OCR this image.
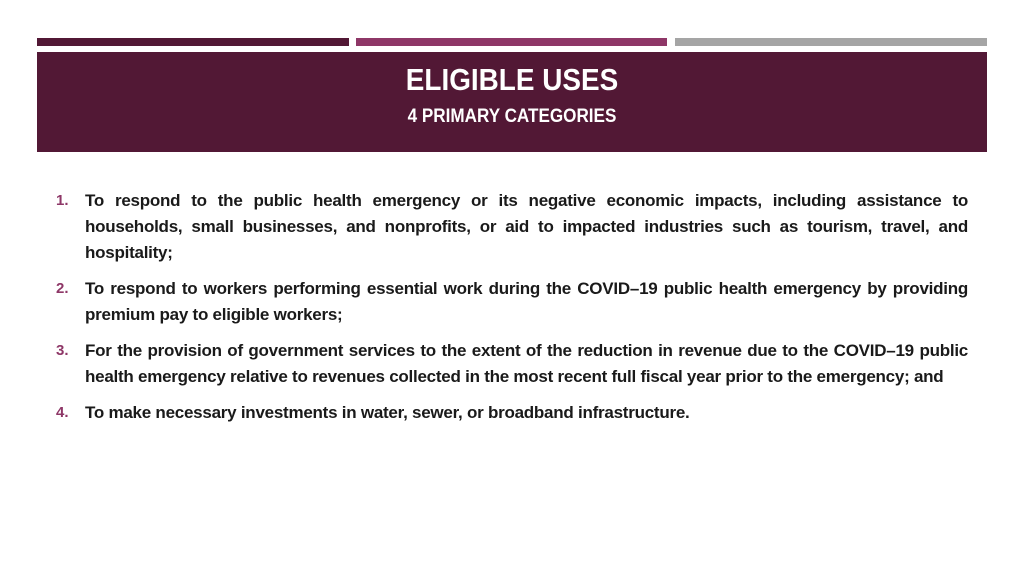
ELIGIBLE USES
4 PRIMARY CATEGORIES
1. To respond to the public health emergency or its negative economic impacts, including assistance to households, small businesses, and nonprofits, or aid to impacted industries such as tourism, travel, and hospitality;
2. To respond to workers performing essential work during the COVID–19 public health emergency by providing premium pay to eligible workers;
3. For the provision of government services to the extent of the reduction in revenue due to the COVID–19 public health emergency relative to revenues collected in the most recent full fiscal year prior to the emergency; and
4. To make necessary investments in water, sewer, or broadband infrastructure.
